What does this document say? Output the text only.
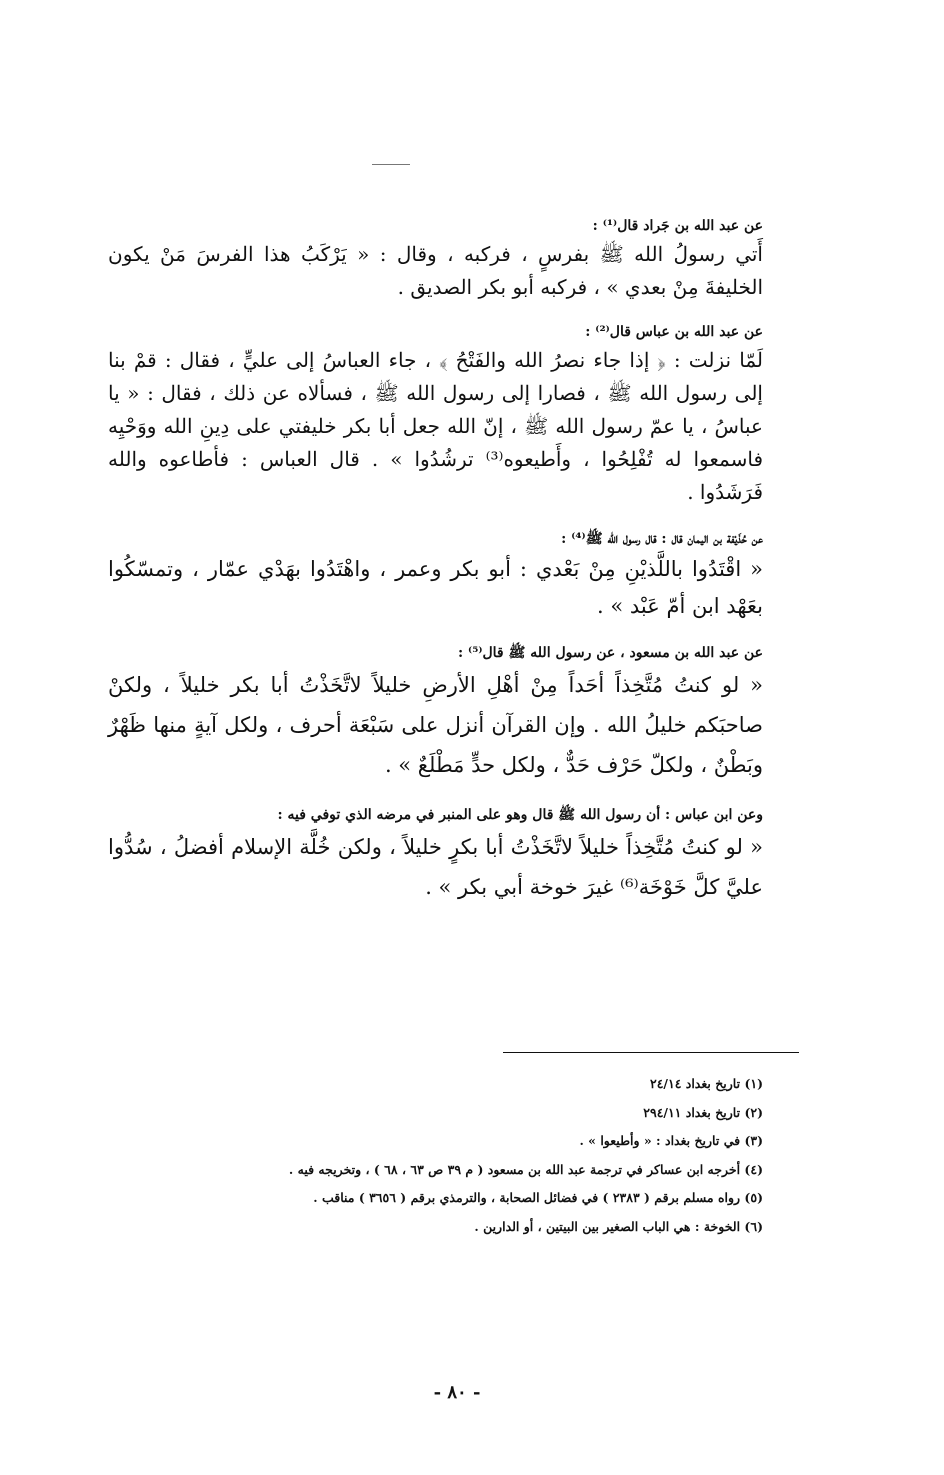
عن عبد الله بن جَراد قال⁽¹⁾ :

أَتي رسولُ الله ﷺ بفرسٍ ، فركبه ، وقال : « يَرْكَبُ هذا الفرسَ مَنْ يكون الخليفةَ مِنْ بعدي » ، فركبه أبو بكر الصديق .

عن عبد الله بن عباس قال⁽²⁾ :

لَمّا نزلت : ﴿ إذا جاء نصرُ الله والفَتْحُ ﴾ ، جاء العباسُ إلى عليٍّ ، فقال : قمْ بنا إلى رسول الله ﷺ ، فصارا إلى رسول الله ﷺ ، فسألاه عن ذلك ، فقال : « يا عباسُ ، يا عمّ رسول الله ﷺ ، إنّ الله جعل أبا بكر خليفتي على دِينِ الله ووَحْيِه فاسمعوا له تُفْلِحُوا ، وأَطيعوه⁽³⁾ ترشُدُوا » . قال العباس : فأطاعوه والله فَرَشَدُوا .

عن حُذَيْفة بن اليمان قال : قال رسول الله ﷺ⁽⁴⁾ :

« اقْتَدُوا باللَّذيْنِ مِنْ بَعْدي : أبو بكر وعمر ، واهْتَدُوا بهَدْي عمّار ، وتمسّكُوا بعَهْد ابن أمّ عَبْد » .

عن عبد الله بن مسعود ، عن رسول الله ﷺ قال⁽⁵⁾ :

« لو كنتُ مُتَّخِذاً أحَداً مِنْ أهْلِ الأرضِ خليلاً لاتَّخَذْتُ أبا بكر خليلاً ، ولكنْ صاحبَكم خليلُ الله . وإن القرآن أنزل على سَبْعَة أحرف ، ولكل آيةٍ منها ظَهْرٌ وبَطْنٌ ، ولكلّ حَرْف حَدٌّ ، ولكل حدٍّ مَطْلَعٌ » .

وعن ابن عباس : أن رسول الله ﷺ قال وهو على المنبر في مرضه الذي توفي فيه :

« لو كنتُ مُتَّخِذاً خليلاً لاتَّخَذْتُ أبا بكرٍ خليلاً ، ولكن خُلَّة الإسلام أفضلُ ، سُدُّوا عليَّ كلَّ خَوْخَة⁽⁶⁾ غيرَ خوخة أبي بكر » .

(١) تاريخ بغداد ٢٤/١٤
(٢) تاريخ بغداد ٢٩٤/١١
(٣) في تاريخ بغداد : « وأطيعوا » .
(٤) أخرجه ابن عساكر في ترجمة عبد الله بن مسعود ( م ٣٩ ص ٦٣ ، ٦٨ ) ، وتخريجه فيه .
(٥) رواه مسلم برقم ( ٢٣٨٣ ) في فضائل الصحابة ، والترمذي برقم ( ٣٦٥٦ ) مناقب .
(٦) الخوخة : هي الباب الصغير بين البيتين ، أو الدارين .
- ٨٠ -
